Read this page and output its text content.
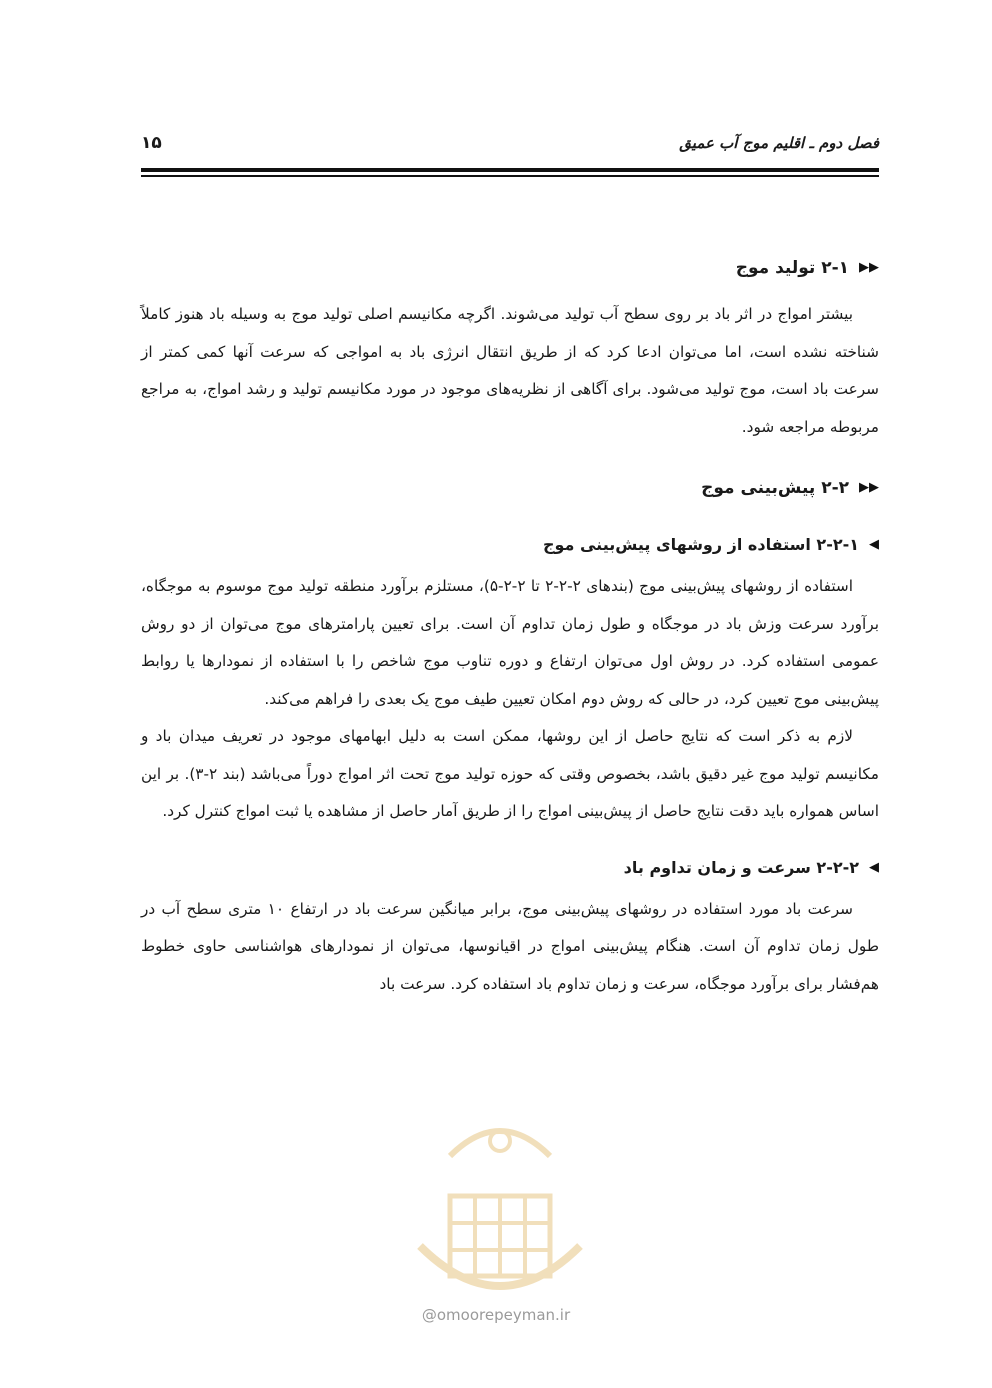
فصل دوم ـ اقلیم موج آب عمیق
۱۵
▶▶
۲-۱ تولید موج

بیشتر امواج در اثر باد بر روی سطح آب تولید می‌شوند. اگرچه مکانیسم اصلی تولید موج به وسیله باد هنوز کاملاً شناخته نشده است، اما می‌توان ادعا کرد که از طریق انتقال انرژی باد به امواجی که سرعت آنها کمی کمتر از سرعت باد است، موج تولید می‌شود. برای آگاهی از نظریه‌های موجود در مورد مکانیسم تولید و رشد امواج، به مراجع مربوطه مراجعه شود.

▶▶
۲-۲ پیش‌بینی موج
◀
۲-۲-۱ استفاده از روشهای پیش‌بینی موج

استفاده از روشهای پیش‌بینی موج (بندهای ۲-۲-۲ تا ۲-۲-۵)، مستلزم برآورد منطقه تولید موج موسوم به موجگاه، برآورد سرعت وزش باد در موجگاه و طول زمان تداوم آن است. برای تعیین پارامترهای موج می‌توان از دو روش عمومی استفاده کرد. در روش اول می‌توان ارتفاع و دوره تناوب موج شاخص را با استفاده از نمودارها یا روابط پیش‌بینی موج تعیین کرد، در حالی که روش دوم امکان تعیین طیف موج یک بعدی را فراهم می‌کند.

لازم به ذکر است که نتایج حاصل از این روشها، ممکن است به دلیل ابهامهای موجود در تعریف میدان باد و مکانیسم تولید موج غیر دقیق باشد، بخصوص وقتی که حوزه تولید موج تحت اثر امواج دوراً می‌باشد (بند ۲-۳). بر این اساس همواره باید دقت نتایج حاصل از پیش‌بینی امواج را از طریق آمار حاصل از مشاهده یا ثبت امواج کنترل کرد.

◀
۲-۲-۲ سرعت و زمان تداوم باد

سرعت باد مورد استفاده در روشهای پیش‌بینی موج، برابر میانگین سرعت باد در ارتفاع ۱۰ متری سطح آب در طول زمان تداوم آن است. هنگام پیش‌بینی امواج در اقیانوسها، می‌توان از نمودارهای هواشناسی حاوی خطوط هم‌فشار برای برآورد موجگاه، سرعت و زمان تداوم باد استفاده کرد. سرعت باد

@omoorepeyman.ir
